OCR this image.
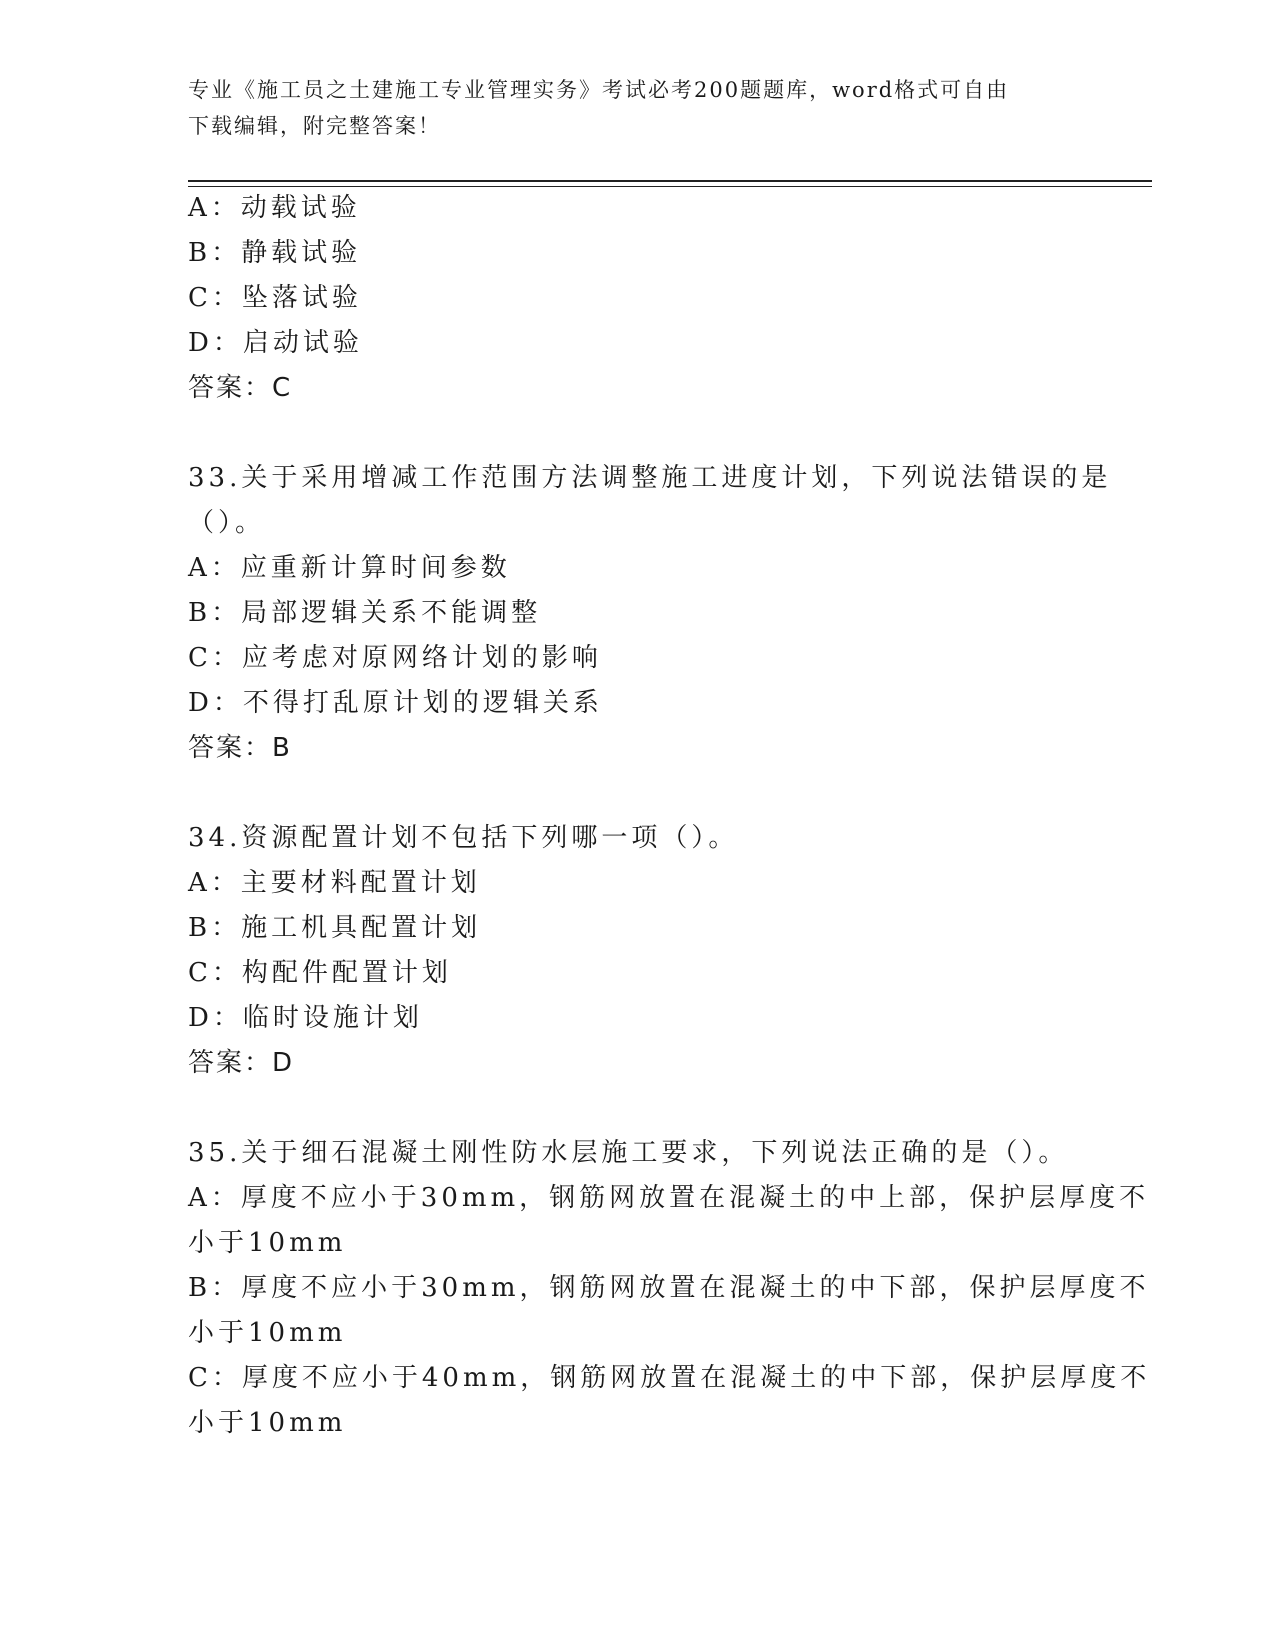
专业《施工员之土建施工专业管理实务》考试必考200题题库，word格式可自由
下载编辑，附完整答案！
A：动载试验
B：静载试验
C：坠落试验
D：启动试验
答案：C
33.关于采用增减工作范围方法调整施工进度计划，下列说法错误的是
（）。
A：应重新计算时间参数
B：局部逻辑关系不能调整
C：应考虑对原网络计划的影响
D：不得打乱原计划的逻辑关系
答案：B
34.资源配置计划不包括下列哪一项（）。
A：主要材料配置计划
B：施工机具配置计划
C：构配件配置计划
D：临时设施计划
答案：D
35.关于细石混凝土刚性防水层施工要求，下列说法正确的是（）。
A：厚度不应小于30mm，钢筋网放置在混凝土的中上部，保护层厚度不
小于10mm
B：厚度不应小于30mm，钢筋网放置在混凝土的中下部，保护层厚度不
小于10mm
C：厚度不应小于40mm，钢筋网放置在混凝土的中下部，保护层厚度不
小于10mm
